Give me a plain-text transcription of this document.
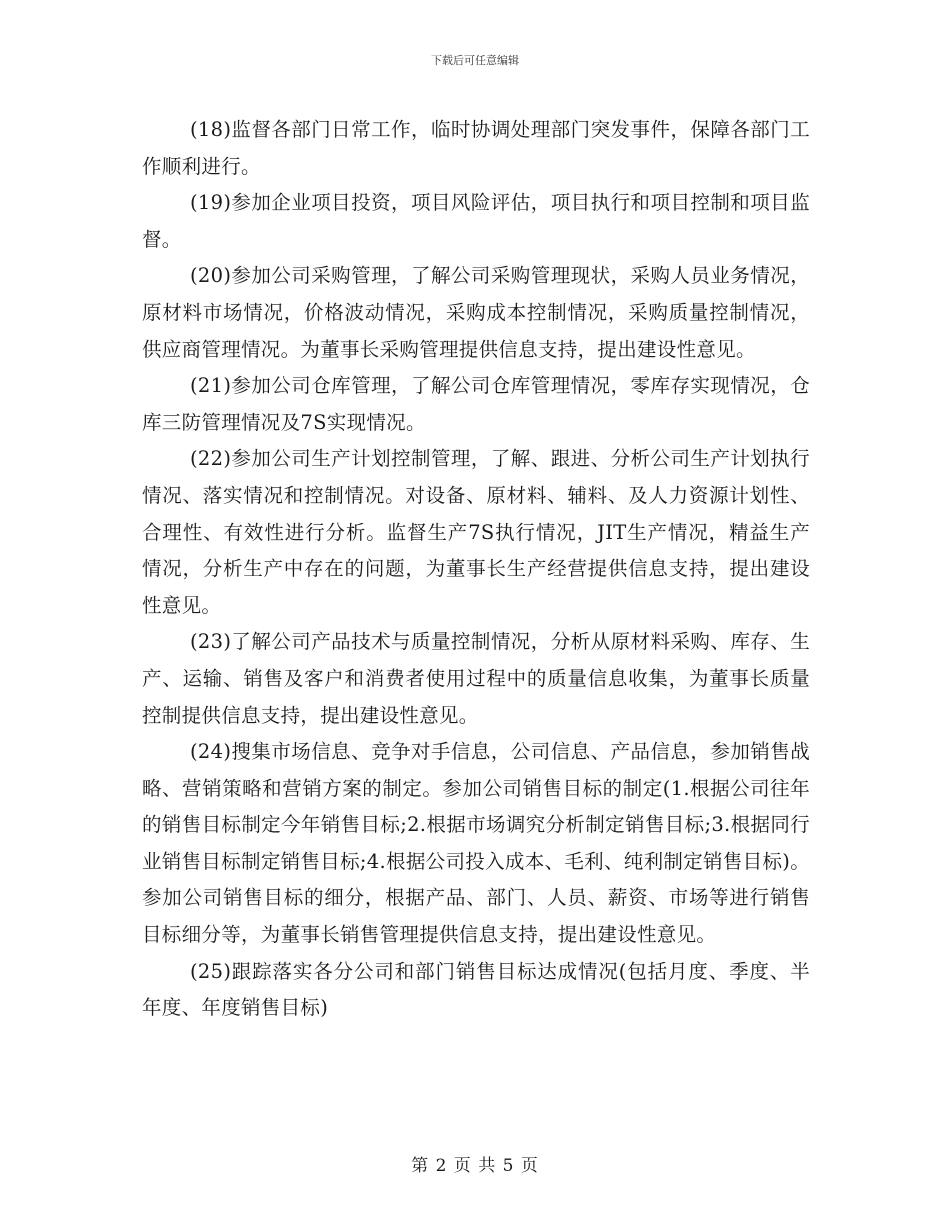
下载后可任意编辑

(18)监督各部门日常工作，临时协调处理部门突发事件，保障各部门工作顺利进行。

(19)参加企业项目投资，项目风险评估，项目执行和项目控制和项目监督。

(20)参加公司采购管理，了解公司采购管理现状，采购人员业务情况，原材料市场情况，价格波动情况，采购成本控制情况，采购质量控制情况，供应商管理情况。为董事长采购管理提供信息支持，提出建设性意见。

(21)参加公司仓库管理，了解公司仓库管理情况，零库存实现情况，仓库三防管理情况及7S实现情况。

(22)参加公司生产计划控制管理，了解、跟进、分析公司生产计划执行情况、落实情况和控制情况。对设备、原材料、辅料、及人力资源计划性、合理性、有效性进行分析。监督生产7S执行情况，JIT生产情况，精益生产情况，分析生产中存在的问题，为董事长生产经营提供信息支持，提出建设性意见。

(23)了解公司产品技术与质量控制情况，分析从原材料采购、库存、生产、运输、销售及客户和消费者使用过程中的质量信息收集，为董事长质量控制提供信息支持，提出建设性意见。

(24)搜集市场信息、竞争对手信息，公司信息、产品信息，参加销售战略、营销策略和营销方案的制定。参加公司销售目标的制定(1.根据公司往年的销售目标制定今年销售目标;2.根据市场调究分析制定销售目标;3.根据同行业销售目标制定销售目标;4.根据公司投入成本、毛利、纯利制定销售目标)。参加公司销售目标的细分，根据产品、部门、人员、薪资、市场等进行销售目标细分等，为董事长销售管理提供信息支持，提出建设性意见。

(25)跟踪落实各分公司和部门销售目标达成情况(包括月度、季度、半年度、年度销售目标)

第 2 页 共 5 页
